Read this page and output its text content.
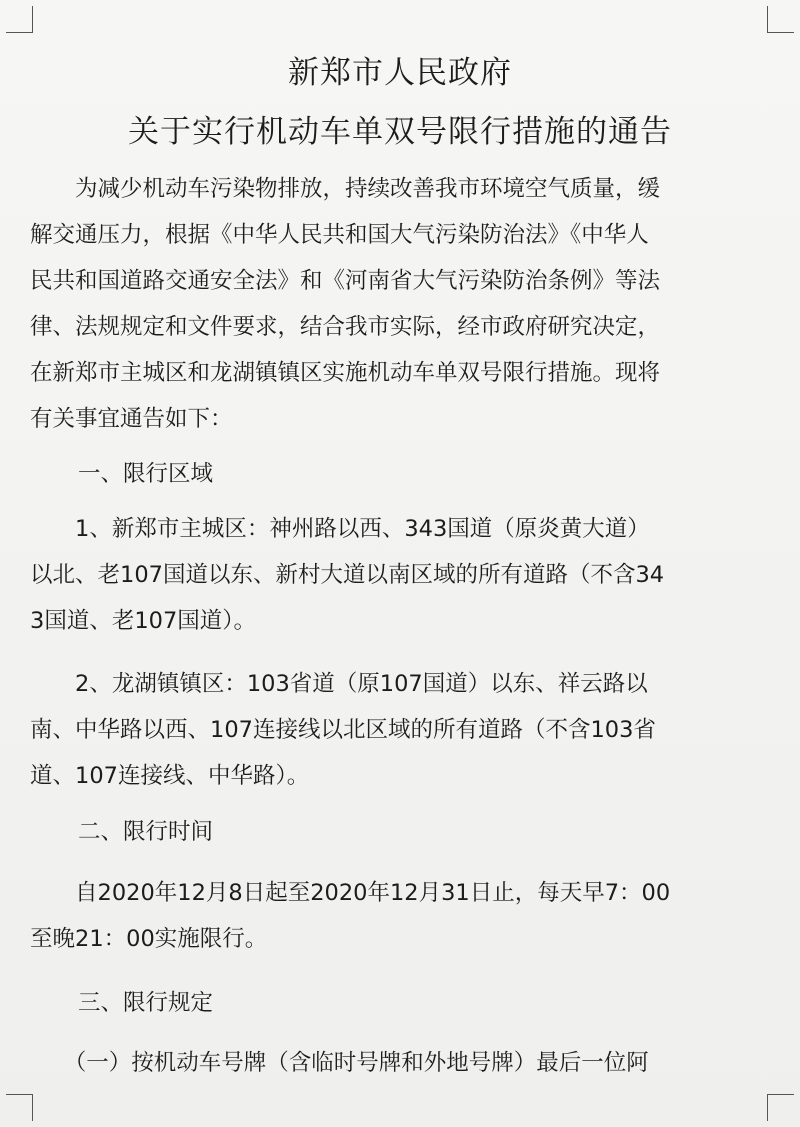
新郑市人民政府
关于实行机动车单双号限行措施的通告
　　为减少机动车污染物排放，持续改善我市环境空气质量，缓
解交通压力，根据《中华人民共和国大气污染防治法》《中华人
民共和国道路交通安全法》和《河南省大气污染防治条例》等法
律、法规规定和文件要求，结合我市实际，经市政府研究决定，
在新郑市主城区和龙湖镇镇区实施机动车单双号限行措施。现将
有关事宜通告如下：
一、限行区域
　　1、新郑市主城区：神州路以西、343国道（原炎黄大道）
以北、老107国道以东、新村大道以南区域的所有道路（不含34
3国道、老107国道）。
　　2、龙湖镇镇区：103省道（原107国道）以东、祥云路以
南、中华路以西、107连接线以北区域的所有道路（不含103省
道、107连接线、中华路）。
二、限行时间
　　自2020年12月8日起至2020年12月31日止，每天早7：00
至晚21：00实施限行。
三、限行规定
　　（一）按机动车号牌（含临时号牌和外地号牌）最后一位阿
